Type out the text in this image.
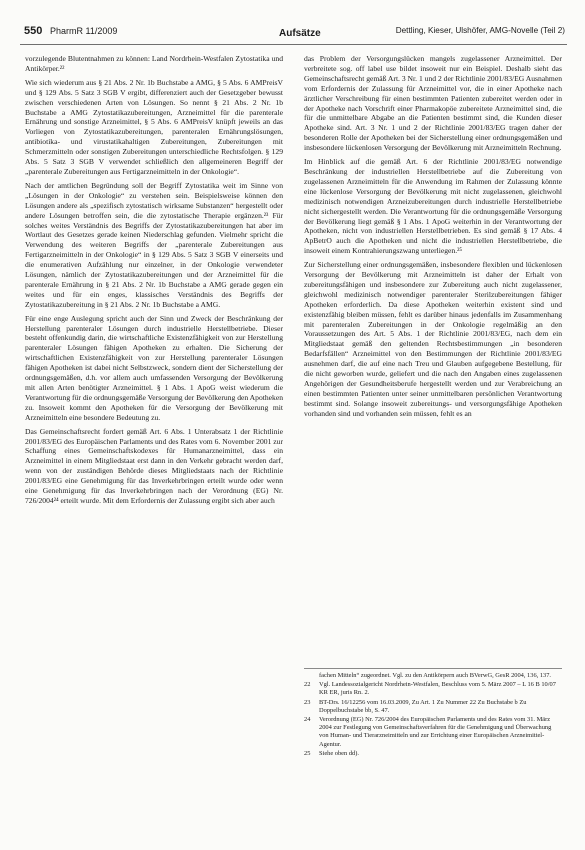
550 PharmR 11/2009	Aufsätze	Dettling, Kieser, Ulshöfer, AMG-Novelle (Teil 2)

vorzulegende Blutentnahmen zu können: Land Nordrhein-Westfalen Zytostatika und Antikörper.²²

Wie sich wiederum aus § 21 Abs. 2 Nr. 1b Buchstabe a AMG, § 5 Abs. 6 AMPreisV und § 129 Abs. 5 Satz 3 SGB V ergibt, differenziert auch der Gesetzgeber bewusst zwischen verschiedenen Arten von Lösungen. So nennt § 21 Abs. 2 Nr. 1b Buchstabe a AMG Zytostatikazubereitungen, Arzneimittel für die parenterale Ernährung und sonstige Arzneimittel, § 5 Abs. 6 AMPreisV knüpft jeweils an das Vorliegen von Zytostatikazubereitungen, parenteralen Ernährungslösungen, antibiotika- und virustatikahaltigen Zubereitungen, Zubereitungen mit Schmerzmitteln oder sonstigen Zubereitungen unterschiedliche Rechtsfolgen. § 129 Abs. 5 Satz 3 SGB V verwendet schließlich den allgemeineren Begriff der „parenterale Zubereitungen aus Fertigarzneimitteln in der Onkologie“.

Nach der amtlichen Begründung soll der Begriff Zytostatika weit im Sinne von „Lösungen in der Onkologie“ zu verstehen sein. Beispielsweise können den Lösungen andere als „spezifisch zytostatisch wirksame Substanzen“ hergestellt oder andere Lösungen betroffen sein, die die zytostatische Therapie ergänzen.²³ Für solches weites Verständnis des Begriffs der Zytostatikazubereitungen hat aber im Wortlaut des Gesetzes gerade keinen Niederschlag gefunden. Vielmehr spricht die Verwendung des weiteren Begriffs der „parenterale Zubereitungen aus Fertigarzneimitteln in der Onkologie“ in § 129 Abs. 5 Satz 3 SGB V einerseits und die enumerativen Aufzählung nur einzelner, in der Onkologie verwendeter Lösungen, nämlich der Zytostatikazubereitungen und der Arzneimittel für die parenterale Ernährung in § 21 Abs. 2 Nr. 1b Buchstabe a AMG gerade gegen ein weites und für ein enges, klassisches Verständnis des Begriffs der Zytostatikazubereitung in § 21 Abs. 2 Nr. 1b Buchstabe a AMG.

Für eine enge Auslegung spricht auch der Sinn und Zweck der Beschränkung der Herstellung parenteraler Lösungen durch industrielle Herstellbetriebe. Dieser besteht offenkundig darin, die wirtschaftliche Existenzfähigkeit von zur Herstellung parenteraler Lösungen fähigen Apotheken zu erhalten. Die Sicherung der wirtschaftlichen Existenzfähigkeit von zur Herstellung parenteraler Lösungen fähigen Apotheken ist dabei nicht Selbstzweck, sondern dient der Sicherstellung der ordnungsgemäßen, d.h. vor allem auch umfassenden Versorgung der Bevölkerung mit allen Arten benötigter Arzneimittel. § 1 Abs. 1 ApoG weist wiederum die Verantwortung für die ordnungsgemäße Versorgung der Bevölkerung den Apotheken zu. Insoweit kommt den Apotheken für die Versorgung der Bevölkerung mit Arzneimitteln eine besondere Bedeutung zu.

Das Gemeinschaftsrecht fordert gemäß Art. 6 Abs. 1 Unterabsatz 1 der Richtlinie 2001/83/EG des Europäischen Parlaments und des Rates vom 6. November 2001 zur Schaffung eines Gemeinschaftskodexes für Humanarzneimittel, dass ein Arzneimittel in einem Mitgliedstaat erst dann in den Verkehr gebracht werden darf, wenn von der zuständigen Behörde dieses Mitgliedstaats nach der Richtlinie 2001/83/EG eine Genehmigung für das Inverkehrbringen erteilt wurde oder wenn eine Genehmigung für das Inverkehrbringen nach der Verordnung (EG) Nr. 726/2004²⁴ erteilt wurde. Mit dem Erfordernis der Zulassung ergibt sich aber auch

das Problem der Versorgungslücken mangels zugelassener Arzneimittel. Der verbreitete sog. off label use bildet insoweit nur ein Beispiel. Deshalb sieht das Gemeinschaftsrecht gemäß Art. 3 Nr. 1 und 2 der Richtlinie 2001/83/EG Ausnahmen vom Erfordernis der Zulassung für Arzneimittel vor, die in einer Apotheke nach ärztlicher Verschreibung für einen bestimmten Patienten zubereitet werden oder in der Apotheke nach Vorschrift einer Pharmakopöe zubereitete Arzneimittel sind, die für die unmittelbare Abgabe an die Patienten bestimmt sind, die Kunden dieser Apotheke sind. Art. 3 Nr. 1 und 2 der Richtlinie 2001/83/EG tragen daher der besonderen Rolle der Apotheken bei der Sicherstellung einer ordnungsgemäßen und insbesondere lückenlosen Versorgung der Bevölkerung mit Arzneimitteln Rechnung.

Im Hinblick auf die gemäß Art. 6 der Richtlinie 2001/83/EG notwendige Beschränkung der industriellen Herstellbetriebe auf die Zubereitung von zugelassenen Arzneimitteln für die Anwendung im Rahmen der Zulassung könnte eine lückenlose Versorgung der Bevölkerung mit nicht zugelassenen, gleichwohl medizinisch notwendigen Arzneizubereitungen durch industrielle Herstellbetriebe nicht sichergestellt werden. Die Verantwortung für die ordnungsgemäße Versorgung der Bevölkerung liegt gemäß § 1 Abs. 1 ApoG weiterhin in der Verantwortung der Apotheken, nicht von industriellen Herstellbetrieben. Es sind gemäß § 17 Abs. 4 ApBetrO auch die Apotheken und nicht die industriellen Herstellbetriebe, die insoweit einem Kontrahierungszwang unterliegen.²⁵

Zur Sicherstellung einer ordnungsgemäßen, insbesondere flexiblen und lückenlosen Versorgung der Bevölkerung mit Arzneimitteln ist daher der Erhalt von zubereitungsfähigen und insbesondere zur Zubereitung auch nicht zugelassener, gleichwohl medizinisch notwendiger parenteraler Sterilzubereitungen fähiger Apotheken erforderlich. Da diese Apotheken weiterhin existent sind und existenzfähig bleiben müssen, fehlt es darüber hinaus jedenfalls im Zusammenhang mit parenteralen Zubereitungen in der Onkologie regelmäßig an den Voraussetzungen des Art. 5 Abs. 1 der Richtlinie 2001/83/EG, nach dem ein Mitgliedstaat gemäß den geltenden Rechtsbestimmungen „in besonderen Bedarfsfällen“ Arzneimittel von den Bestimmungen der Richtlinie 2001/83/EG ausnehmen darf, die auf eine nach Treu und Glauben aufgegebene Bestellung, für die nicht geworben wurde, geliefert und die nach den Angaben eines zugelassenen Angehörigen der Gesundheitsberufe hergestellt werden und zur Verabreichung an einen bestimmten Patienten unter seiner unmittelbaren persönlichen Verantwortung bestimmt sind. Solange insoweit zubereitungs- und versorgungsfähige Apotheken vorhanden sind und vorhanden sein müssen, fehlt es an

fachen Mitteln“ zugeordnet. Vgl. zu den Antikörpern auch BVerwG, GesR 2004, 136, 137.
22	Vgl. Landessozialgericht Nordrhein-Westfalen, Beschluss vom 5. März 2007 – L 16 B 10/07 KR ER, juris Rn. 2.
23	BT-Drs. 16/12256 vom 16.03.2009, Zu Art. 1 Zu Nummer 22 Zu Buchstabe b Zu Doppelbuchstabe bb, S. 47.
24	Verordnung (EG) Nr. 726/2004 des Europäischen Parlaments und des Rates vom 31. März 2004 zur Festlegung von Gemeinschaftsverfahren für die Genehmigung und Überwachung von Human- und Tierarzneimitteln und zur Errichtung einer Europäischen Arzneimittel-Agentur.
25	Siehe oben dd).
